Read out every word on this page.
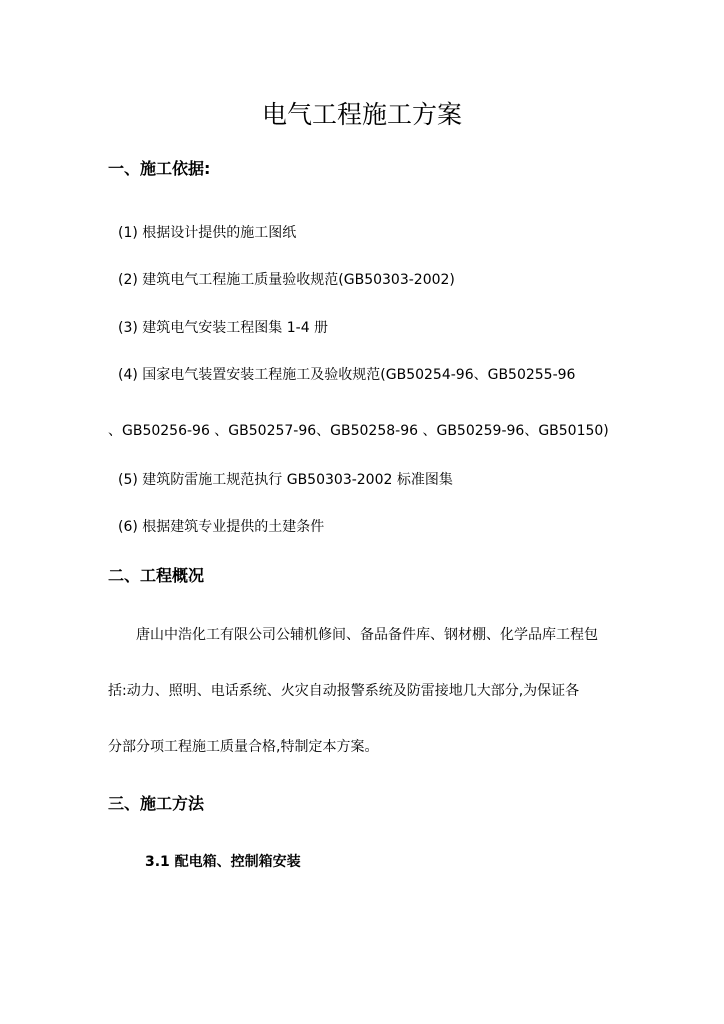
电气工程施工方案
一、施工依据:
(1) 根据设计提供的施工图纸
(2) 建筑电气工程施工质量验收规范(GB50303-2002)
(3) 建筑电气安装工程图集 1-4 册
(4) 国家电气装置安装工程施工及验收规范(GB50254-96、GB50255-96
、GB50256-96 、GB50257-96、GB50258-96 、GB50259-96、GB50150)
(5) 建筑防雷施工规范执行 GB50303-2002 标准图集
(6) 根据建筑专业提供的土建条件
二、工程概况
唐山中浩化工有限公司公辅机修间、备品备件库、钢材棚、化学品库工程包
括:动力、照明、电话系统、火灾自动报警系统及防雷接地几大部分,为保证各
分部分项工程施工质量合格,特制定本方案。
三、施工方法
3.1 配电箱、控制箱安装
